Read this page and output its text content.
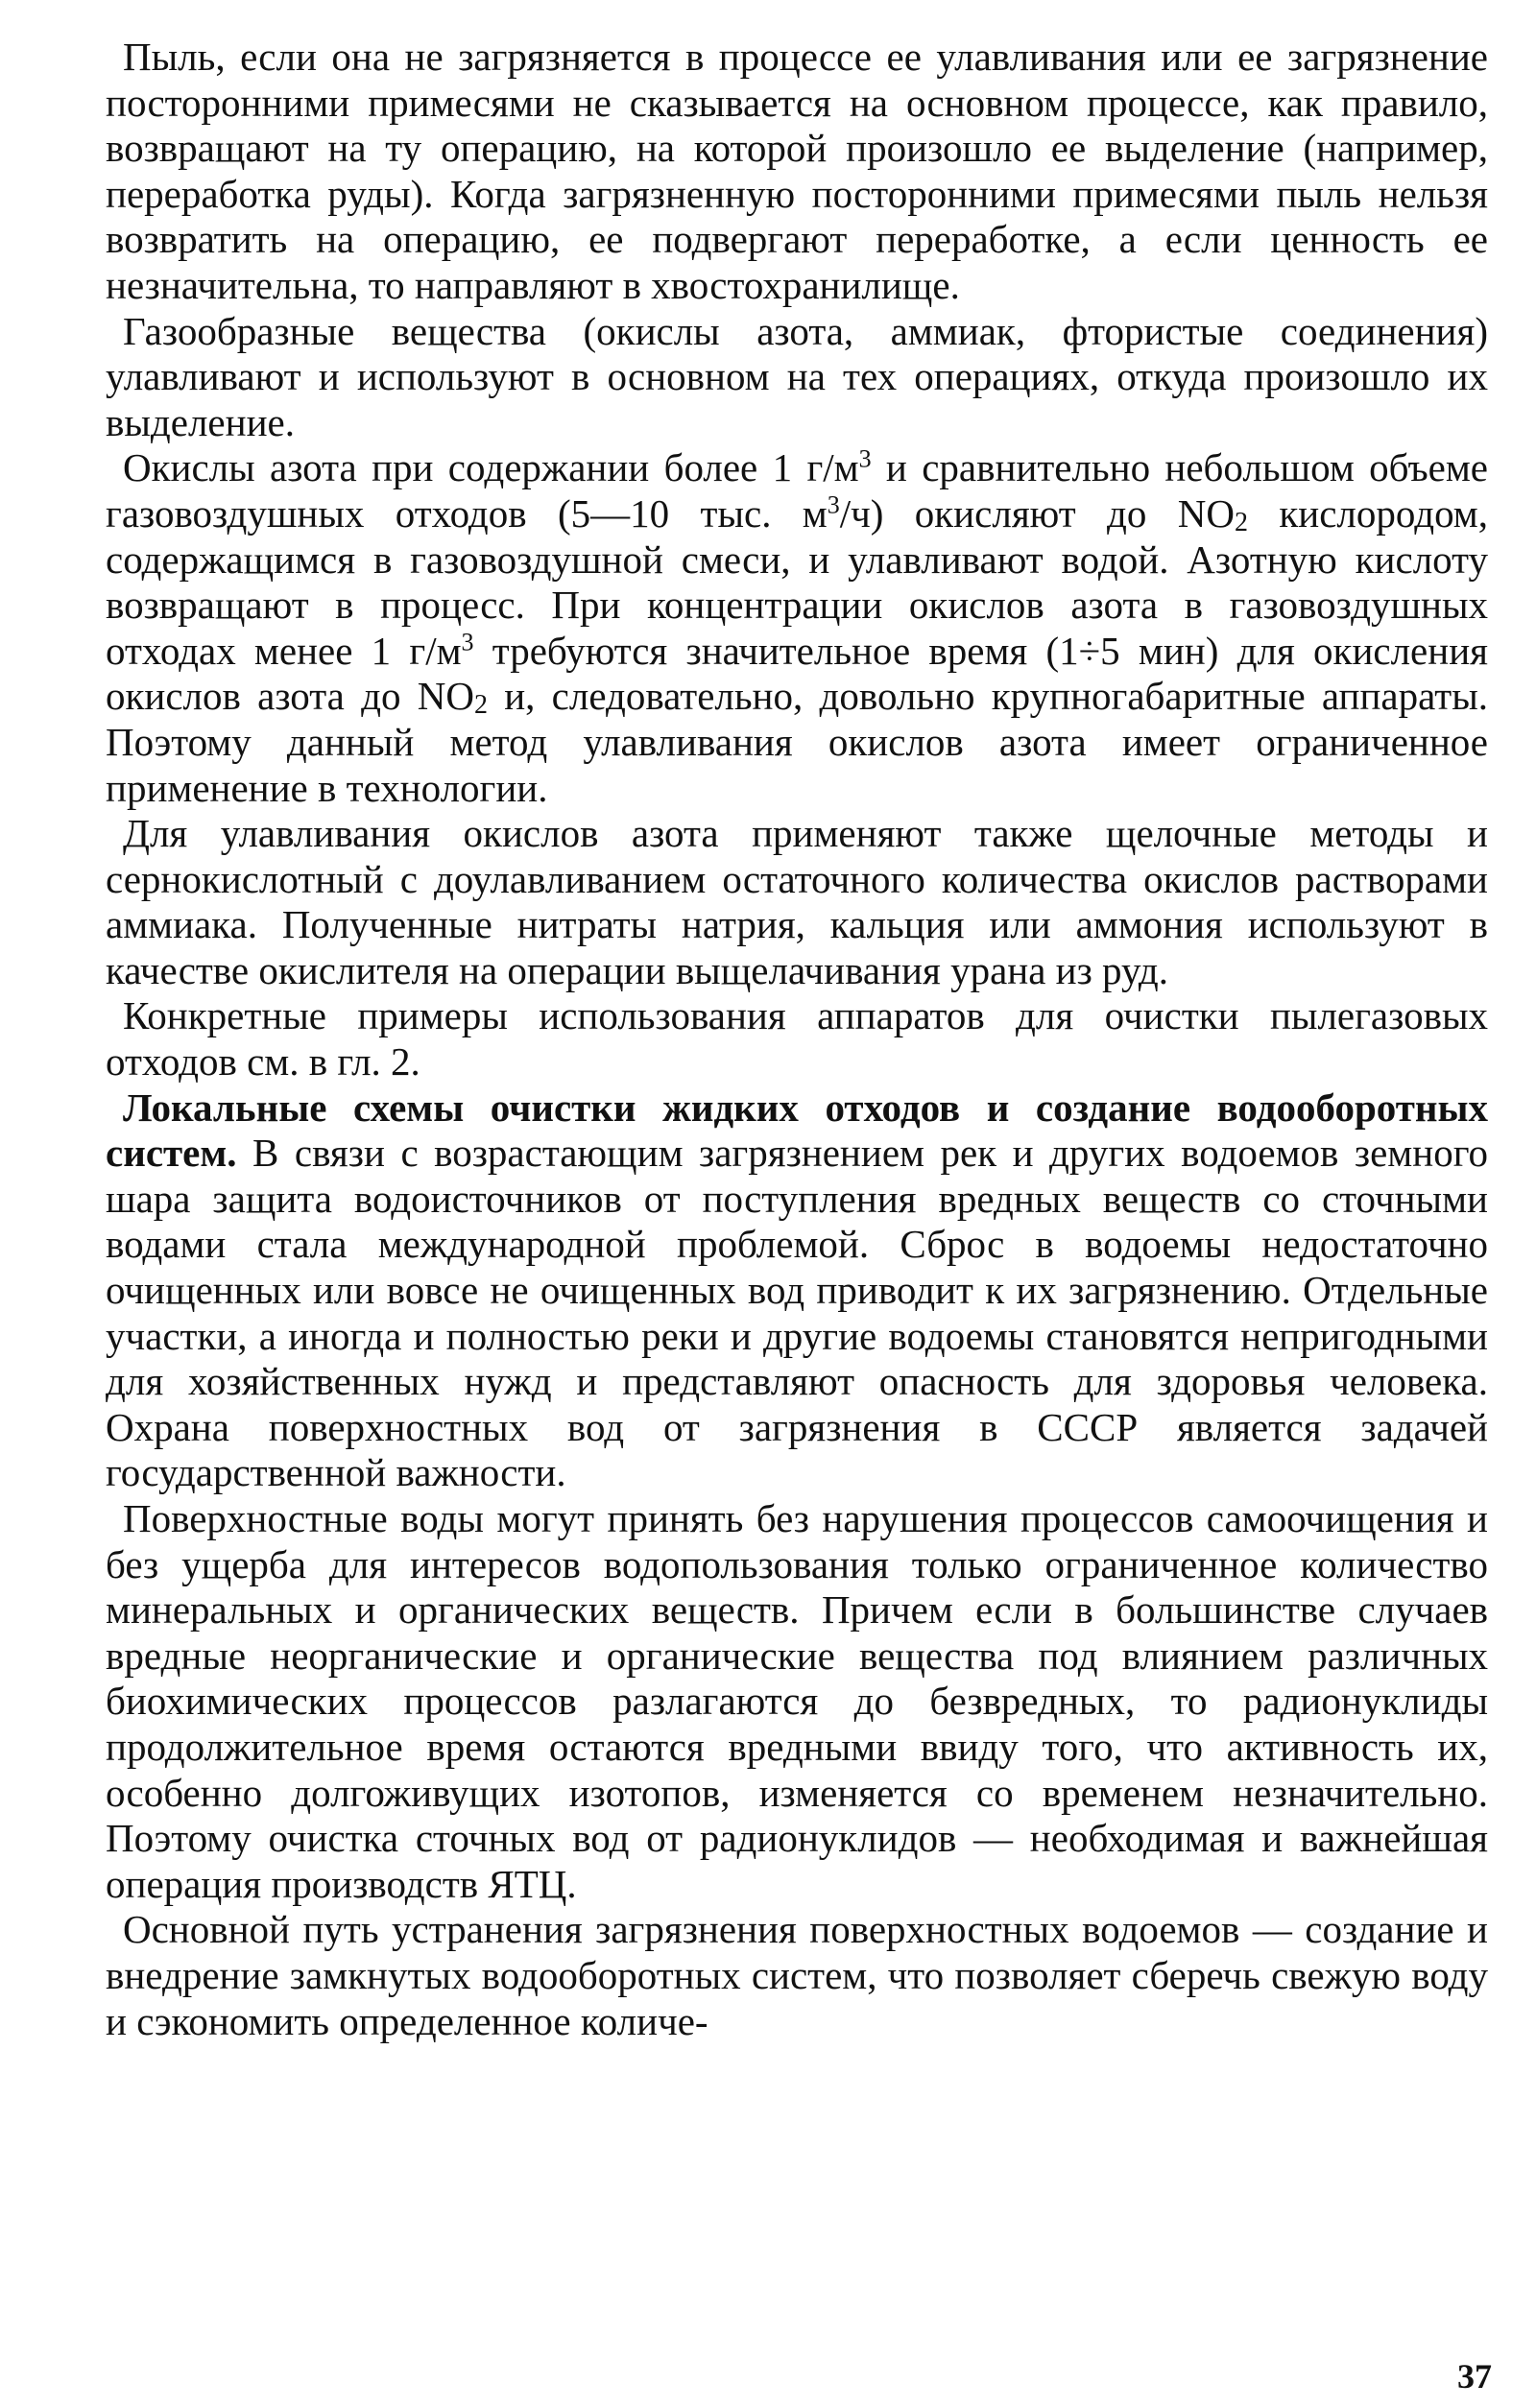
Пыль, если она не загрязняется в процессе ее улавливания или ее загрязнение посторонними примесями не сказывается на основном процессе, как правило, возвращают на ту операцию, на которой произошло ее выделение (например, переработка руды). Когда загрязненную посторонними примесями пыль нельзя возвратить на операцию, ее подвергают переработке, а если ценность ее незначительна, то направляют в хвостохранилище.

Газообразные вещества (окислы азота, аммиак, фтористые соединения) улавливают и используют в основном на тех операциях, откуда произошло их выделение.

Окислы азота при содержании более 1 $г/м^3$ и сравнительно небольшом объеме газовоздушных отходов (5—10 тыс. $м^3/ч$) окисляют до $NO_2$ кислородом, содержащимся в газовоздушной смеси, и улавливают водой. Азотную кислоту возвращают в процесс. При концентрации окислов азота в газовоздушных отходах менее 1 $г/м^3$ требуются значительное время (1÷5 мин) для окисления окислов азота до $NO_2$ и, следовательно, довольно крупногабаритные аппараты. Поэтому данный метод улавливания окислов азота имеет ограниченное применение в технологии.

Для улавливания окислов азота применяют также щелочные методы и сернокислотный с доулавливанием остаточного количества окислов растворами аммиака. Полученные нитраты натрия, кальция или аммония используют в качестве окислителя на операции выщелачивания урана из руд.

Конкретные примеры использования аппаратов для очистки пылегазовых отходов см. в гл. 2.

Локальные схемы очистки жидких отходов и создание водооборотных систем. В связи с возрастающим загрязнением рек и других водоемов земного шара защита водоисточников от поступления вредных веществ со сточными водами стала международной проблемой. Сброс в водоемы недостаточно очищенных или вовсе не очищенных вод приводит к их загрязнению. Отдельные участки, а иногда и полностью реки и другие водоемы становятся непригодными для хозяйственных нужд и представляют опасность для здоровья человека. Охрана поверхностных вод от загрязнения в СССР является задачей государственной важности.

Поверхностные воды могут принять без нарушения процессов самоочищения и без ущерба для интересов водопользования только ограниченное количество минеральных и органических веществ. Причем если в большинстве случаев вредные неорганические и органические вещества под влиянием различных биохимических процессов разлагаются до безвредных, то радионуклиды продолжительное время остаются вредными ввиду того, что активность их, особенно долгоживущих изотопов, изменяется со временем незначительно. Поэтому очистка сточных вод от радионуклидов — необходимая и важнейшая операция производств ЯТЦ.

Основной путь устранения загрязнения поверхностных водоемов — создание и внедрение замкнутых водооборотных систем, что позволяет сберечь свежую воду и сэкономить определенное количе-

37
